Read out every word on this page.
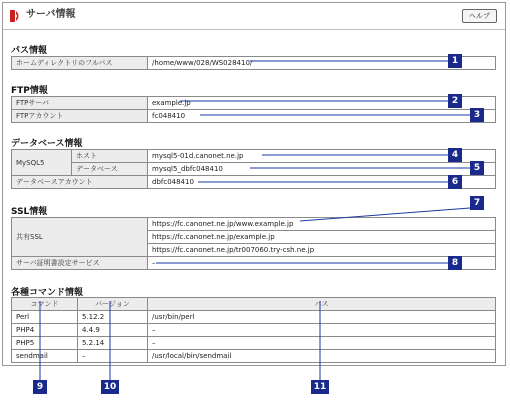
サーバ情報	ヘルプ
パス情報
ホームディレクトリのフルパス	/home/www/028/WS028410/
FTP情報
FTPサーバ	example.jp
FTPアカウント	fc048410
データベース情報
MySQL5	ホスト	mysql5-01d.canonet.ne.jp
	データベース	mysql5_dbfc048410
データベースアカウント		dbfc048410
SSL情報
共有SSL	https://fc.canonet.ne.jp/www.example.jp
	https://fc.canonet.ne.jp/example.jp
	https://fc.canonet.ne.jp/tr007060.try-csh.ne.jp
サーバ証明書設定サービス	–
各種コマンド情報
コマンド	バージョン	パス
Perl	5.12.2	/usr/bin/perl
PHP4	4.4.9	–
PHP5	5.2.14	–
sendmail	–	/usr/local/bin/sendmail
1
2
3
4
5
6
7
8
9	10	11
